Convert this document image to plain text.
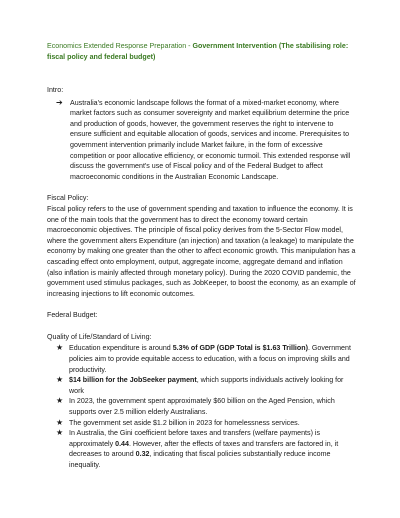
Economics Extended Response Preparation - Government Intervention (The stabilising role: fiscal policy and federal budget)
Intro:
➔	Australia's economic landscape follows the format of a mixed-market economy, where market factors such as consumer sovereignty and market equilibrium determine the price and production of goods, however, the government reserves the right to intervene to ensure sufficient and equitable allocation of goods, services and income. Prerequisites to government intervention primarily include Market failure, in the form of excessive competition or poor allocative efficiency, or economic turmoil. This extended response will discuss the government's use of Fiscal policy and of the Federal Budget to affect macroeconomic conditions in the Australian Economic Landscape.
Fiscal Policy:

Fiscal policy refers to the use of government spending and taxation to influence the economy. It is one of the main tools that the government has to direct the economy toward certain macroeconomic objectives. The principle of fiscal policy derives from the 5-Sector Flow model, where the government alters Expenditure (an injection) and taxation (a leakage) to manipulate the economy by making one greater than the other to affect economic growth. This manipulation has a cascading effect onto employment, output, aggregate income, aggregate demand and inflation (also inflation is mainly affected through monetary policy). During the 2020 COVID pandemic, the government used stimulus packages, such as JobKeeper, to boost the economy, as an example of increasing injections to lift economic outcomes.

Federal Budget:
Quality of Life/Standard of Living:
★ Education expenditure is around 5.3% of GDP (GDP Total is $1.63 Trillion). Government policies aim to provide equitable access to education, with a focus on improving skills and productivity.
★ $14 billion for the JobSeeker payment, which supports individuals actively looking for work
★ In 2023, the government spent approximately $60 billion on the Aged Pension, which supports over 2.5 million elderly Australians.
★ The government set aside $1.2 billion in 2023 for homelessness services.
★ In Australia, the Gini coefficient before taxes and transfers (welfare payments) is approximately 0.44. However, after the effects of taxes and transfers are factored in, it decreases to around 0.32, indicating that fiscal policies substantially reduce income inequality.
